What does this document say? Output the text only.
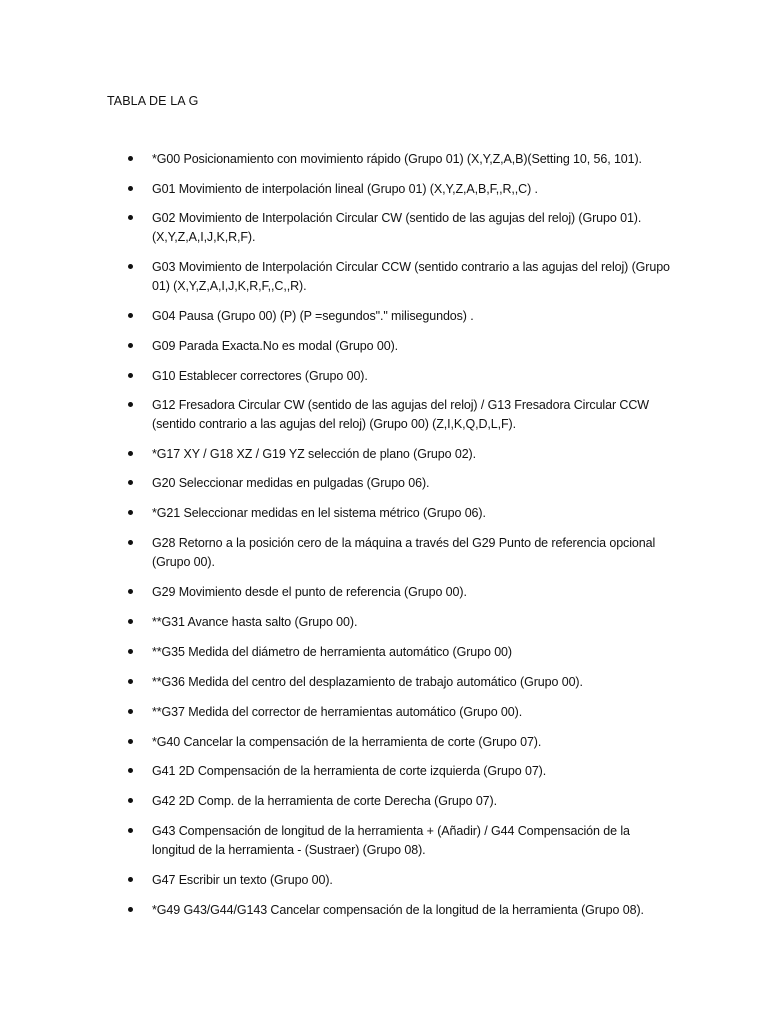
TABLA DE LA G
*G00 Posicionamiento con movimiento rápido (Grupo 01) (X,Y,Z,A,B)(Setting 10, 56, 101).
G01 Movimiento de interpolación lineal (Grupo 01) (X,Y,Z,A,B,F,,R,,C) .
G02 Movimiento de Interpolación Circular CW (sentido de las agujas del reloj) (Grupo 01). (X,Y,Z,A,I,J,K,R,F).
G03 Movimiento de Interpolación Circular CCW (sentido contrario a las agujas del reloj) (Grupo 01) (X,Y,Z,A,I,J,K,R,F,,C,,R).
G04 Pausa (Grupo 00) (P) (P =segundos"." milisegundos) .
G09 Parada Exacta.No es modal (Grupo 00).
G10 Establecer correctores (Grupo 00).
G12 Fresadora Circular CW (sentido de las agujas del reloj) / G13 Fresadora Circular CCW (sentido contrario a las agujas del reloj) (Grupo 00) (Z,I,K,Q,D,L,F).
*G17 XY / G18 XZ / G19 YZ selección de plano (Grupo 02).
G20 Seleccionar medidas en pulgadas (Grupo 06).
*G21 Seleccionar medidas en lel sistema métrico (Grupo 06).
G28 Retorno a la posición cero de la máquina a través del G29 Punto de referencia opcional (Grupo 00).
G29 Movimiento desde el punto de referencia (Grupo 00).
**G31 Avance hasta salto (Grupo 00).
**G35 Medida del diámetro de herramienta automático (Grupo 00)
**G36 Medida del centro del desplazamiento de trabajo automático (Grupo 00).
**G37 Medida del corrector de herramientas automático (Grupo 00).
*G40 Cancelar la compensación de la herramienta de corte (Grupo 07).
G41 2D Compensación de la herramienta de corte izquierda (Grupo 07).
G42 2D Comp. de la herramienta de corte Derecha (Grupo 07).
G43 Compensación de longitud de la herramienta + (Añadir) / G44 Compensación de la longitud de la herramienta - (Sustraer) (Grupo 08).
G47 Escribir un texto (Grupo 00).
*G49 G43/G44/G143 Cancelar compensación de la longitud de la herramienta (Grupo 08).
